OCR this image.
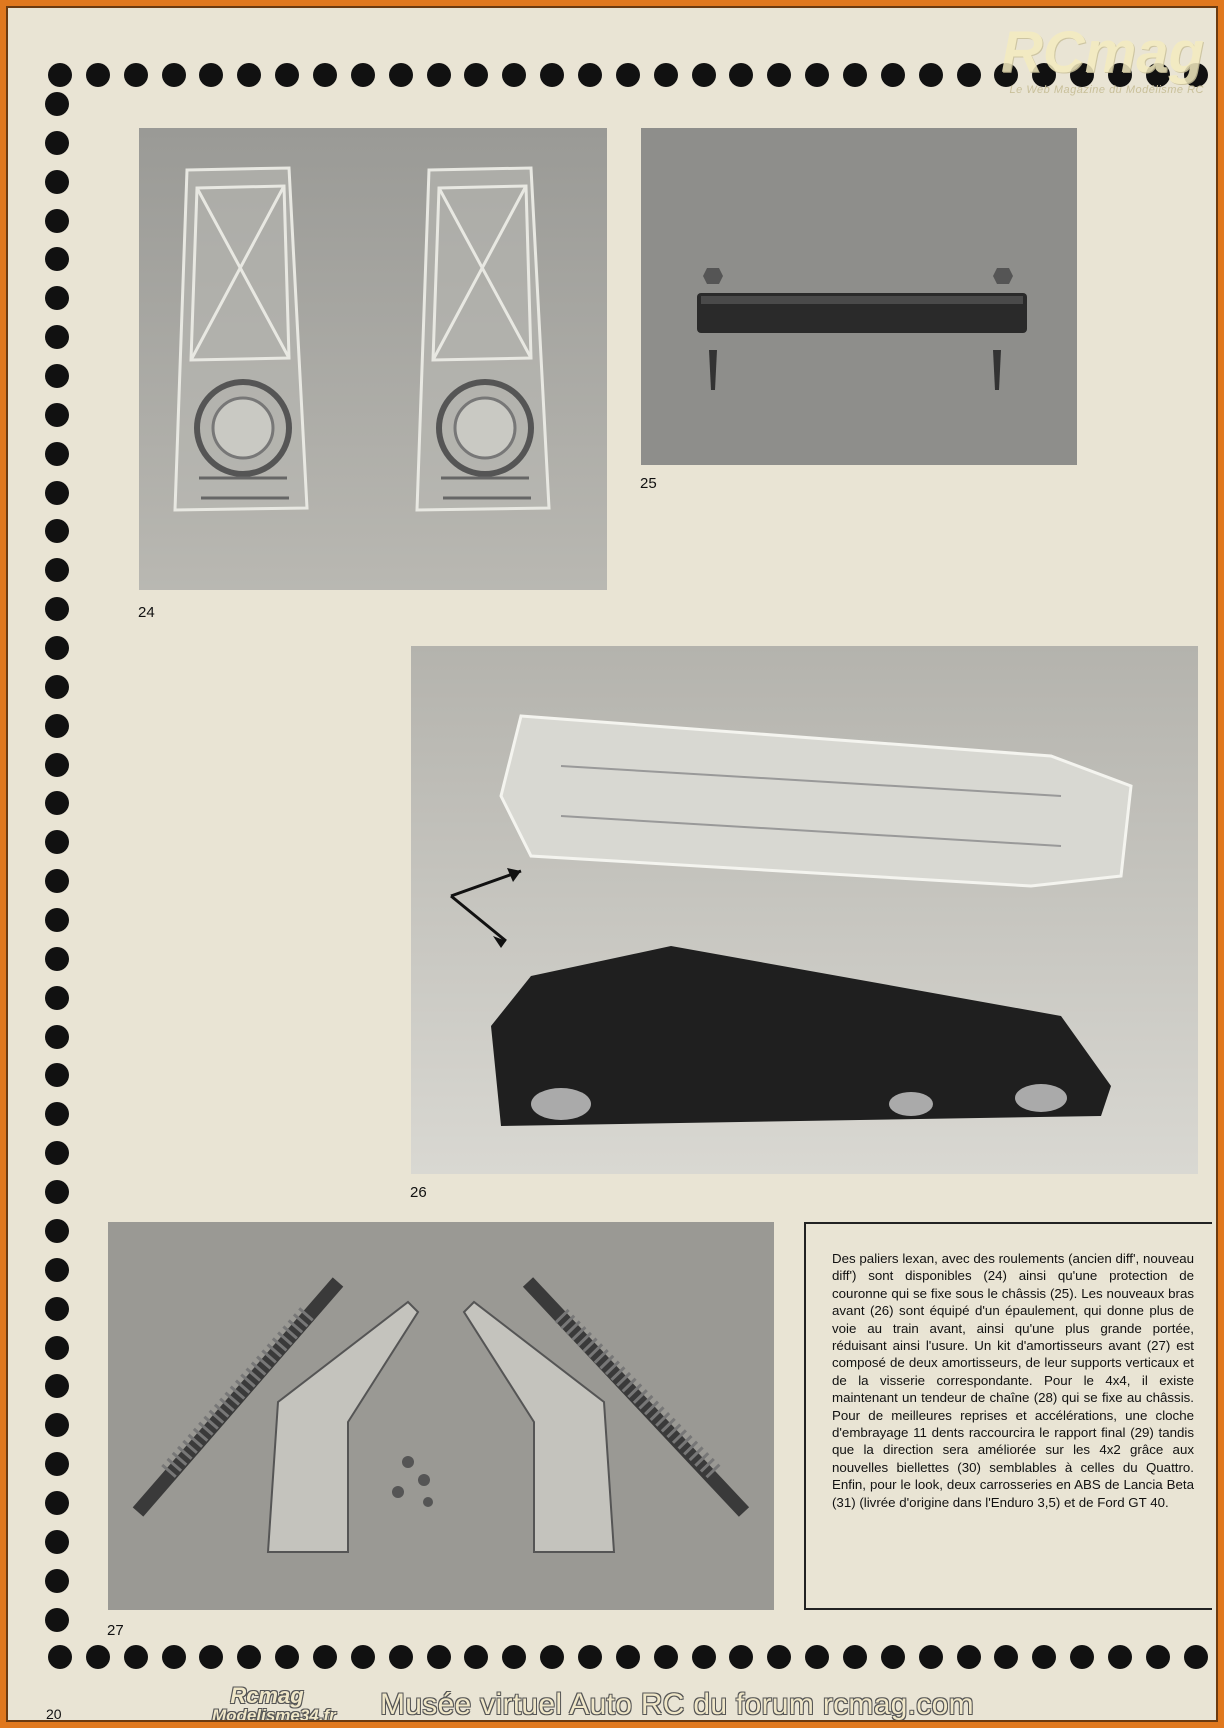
RCmag
Le Web Magazine du Modélisme RC
24
25
26
27

Des paliers lexan, avec des roulements (ancien diff', nouveau diff') sont disponibles (24) ainsi qu'une protection de couronne qui se fixe sous le châssis (25). Les nouveaux bras avant (26) sont équipé d'un épaulement, qui donne plus de voie au train avant, ainsi qu'une plus grande portée, réduisant ainsi l'usure. Un kit d'amortisseurs avant (27) est composé de deux amortisseurs, de leur supports verticaux et de la visserie correspondante. Pour le 4x4, il existe maintenant un tendeur de chaîne (28) qui se fixe au châssis. Pour de meilleures reprises et accélérations, une cloche d'embrayage 11 dents raccourcira le rapport final (29) tandis que la direction sera améliorée sur les 4x2 grâce aux nouvelles biellettes (30) semblables à celles du Quattro. Enfin, pour le look, deux carrosseries en ABS de Lancia Beta (31) (livrée d'origine dans l'Enduro 3,5) et de Ford GT 40.

20
Rcmag
Modelisme34.fr Musée virtuel Auto RC du forum rcmag.com
